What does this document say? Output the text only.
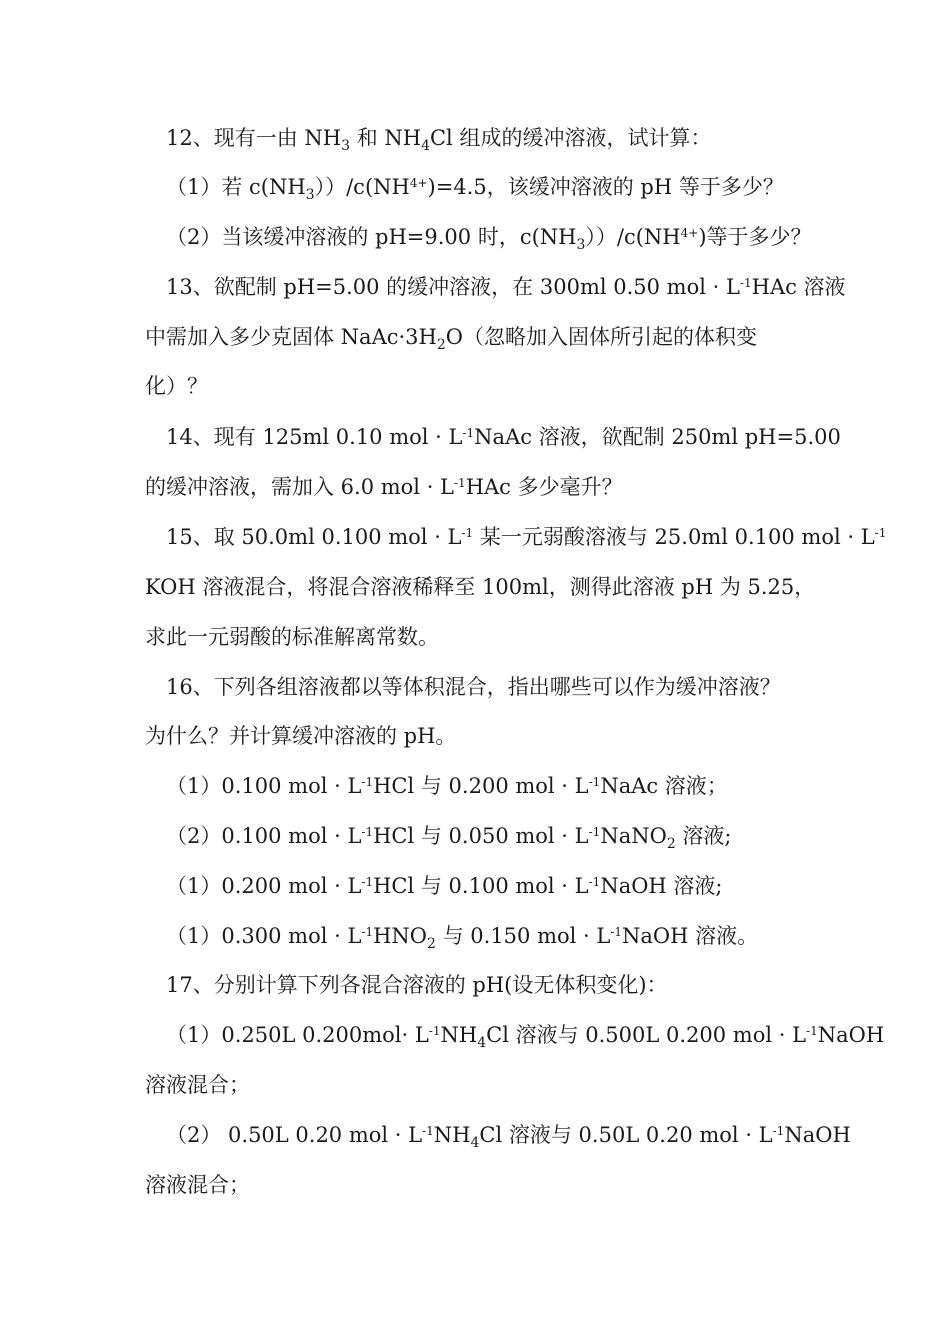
12、现有一由 $NH_3$ 和 $NH_4Cl$ 组成的缓冲溶液，试计算：
（1）若 $c(NH_3))/c(NH^{4+})=4.5$，该缓冲溶液的 pH 等于多少？
（2）当该缓冲溶液的 pH=9.00 时，$c(NH_3))/c(NH^{4+})$等于多少？
13、欲配制 pH=5.00 的缓冲溶液，在 300ml 0.50 mol · $L^{-1}HAc$ 溶液
中需加入多少克固体 $NaAc\cdot 3H_2O$（忽略加入固体所引起的体积变
化）？
14、现有 125ml 0.10 mol · $L^{-1}NaAc$ 溶液，欲配制 250ml pH=5.00
的缓冲溶液，需加入 6.0 mol · $L^{-1}HAc$ 多少毫升？
15、取 50.0ml 0.100 mol · $L^{-1}$ 某一元弱酸溶液与 25.0ml 0.100 mol · $L^{-1}$
KOH 溶液混合，将混合溶液稀释至 100ml，测得此溶液 pH 为 5.25，
求此一元弱酸的标准解离常数。
16、下列各组溶液都以等体积混合，指出哪些可以作为缓冲溶液？
为什么？并计算缓冲溶液的 pH。
（1）0.100 mol · $L^{-1}HCl$ 与 0.200 mol · $L^{-1}NaAc$ 溶液；
（2）0.100 mol · $L^{-1}HCl$ 与 0.050 mol · $L^{-1}NaNO_2$ 溶液;
（1）0.200 mol · $L^{-1}HCl$ 与 0.100 mol · $L^{-1}NaOH$ 溶液;
（1）0.300 mol · $L^{-1}HNO_2$ 与 0.150 mol · $L^{-1}NaOH$ 溶液。
17、分别计算下列各混合溶液的 pH(设无体积变化)：
（1）0.250L $0.200mol\cdot L^{-1}NH_4Cl$ 溶液与 0.500L 0.200 mol · $L^{-1}NaOH$
溶液混合；
（2） 0.50L 0.20 mol · $L^{-1}NH_4Cl$ 溶液与 0.50L 0.20 mol · $L^{-1}NaOH$
溶液混合；
